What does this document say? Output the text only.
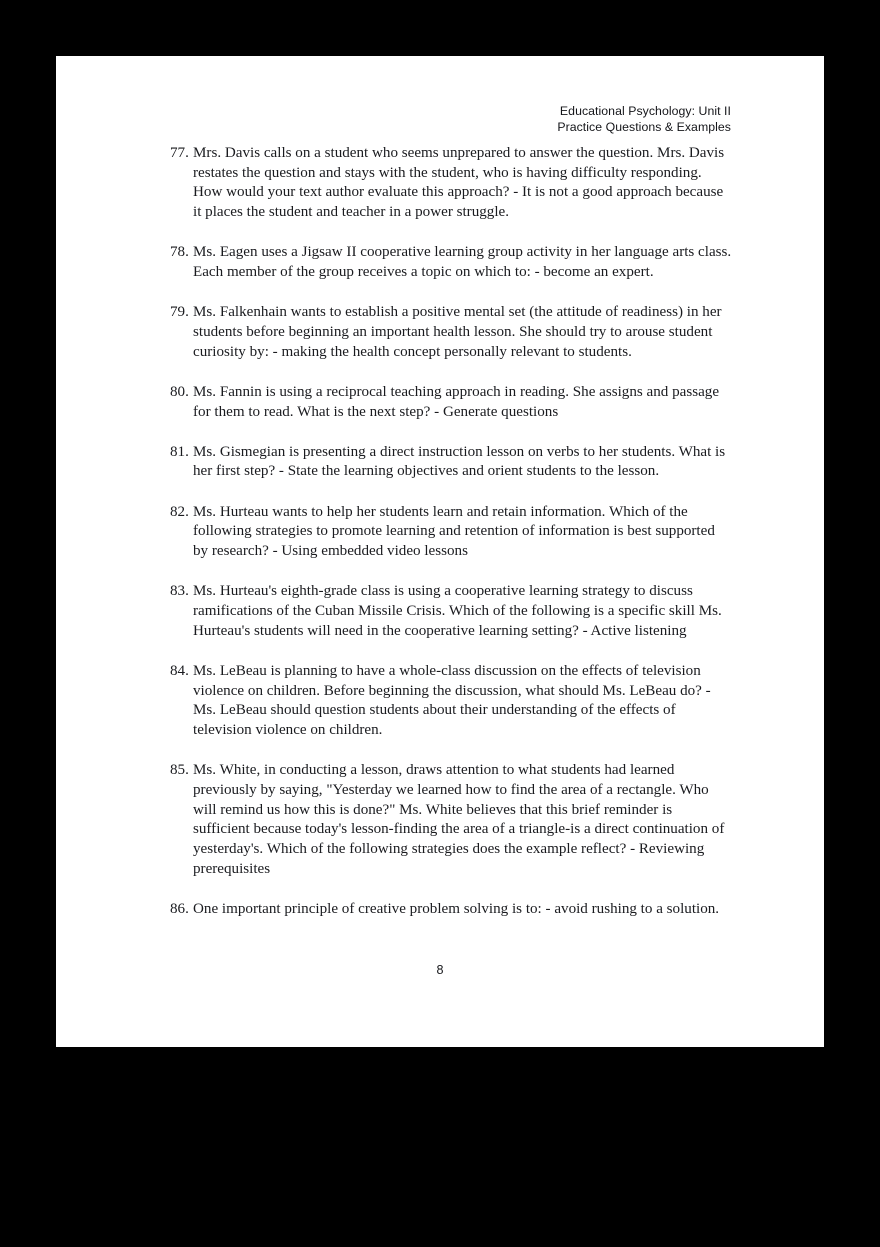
Educational Psychology: Unit II
Practice Questions & Examples
77. Mrs. Davis calls on a student who seems unprepared to answer the question. Mrs. Davis restates the question and stays with the student, who is having difficulty responding. How would your text author evaluate this approach? - It is not a good approach because it places the student and teacher in a power struggle.
78. Ms. Eagen uses a Jigsaw II cooperative learning group activity in her language arts class. Each member of the group receives a topic on which to: - become an expert.
79. Ms. Falkenhain wants to establish a positive mental set (the attitude of readiness) in her students before beginning an important health lesson. She should try to arouse student curiosity by: - making the health concept personally relevant to students.
80. Ms. Fannin is using a reciprocal teaching approach in reading. She assigns and passage for them to read. What is the next step? - Generate questions
81. Ms. Gismegian is presenting a direct instruction lesson on verbs to her students. What is her first step? - State the learning objectives and orient students to the lesson.
82. Ms. Hurteau wants to help her students learn and retain information. Which of the following strategies to promote learning and retention of information is best supported by research? - Using embedded video lessons
83. Ms. Hurteau's eighth-grade class is using a cooperative learning strategy to discuss ramifications of the Cuban Missile Crisis. Which of the following is a specific skill Ms. Hurteau's students will need in the cooperative learning setting? - Active listening
84. Ms. LeBeau is planning to have a whole-class discussion on the effects of television violence on children. Before beginning the discussion, what should Ms. LeBeau do? - Ms. LeBeau should question students about their understanding of the effects of television violence on children.
85. Ms. White, in conducting a lesson, draws attention to what students had learned previously by saying, "Yesterday we learned how to find the area of a rectangle. Who will remind us how this is done?" Ms. White believes that this brief reminder is sufficient because today's lesson-finding the area of a triangle-is a direct continuation of yesterday's. Which of the following strategies does the example reflect? - Reviewing prerequisites
86. One important principle of creative problem solving is to: - avoid rushing to a solution.
8
